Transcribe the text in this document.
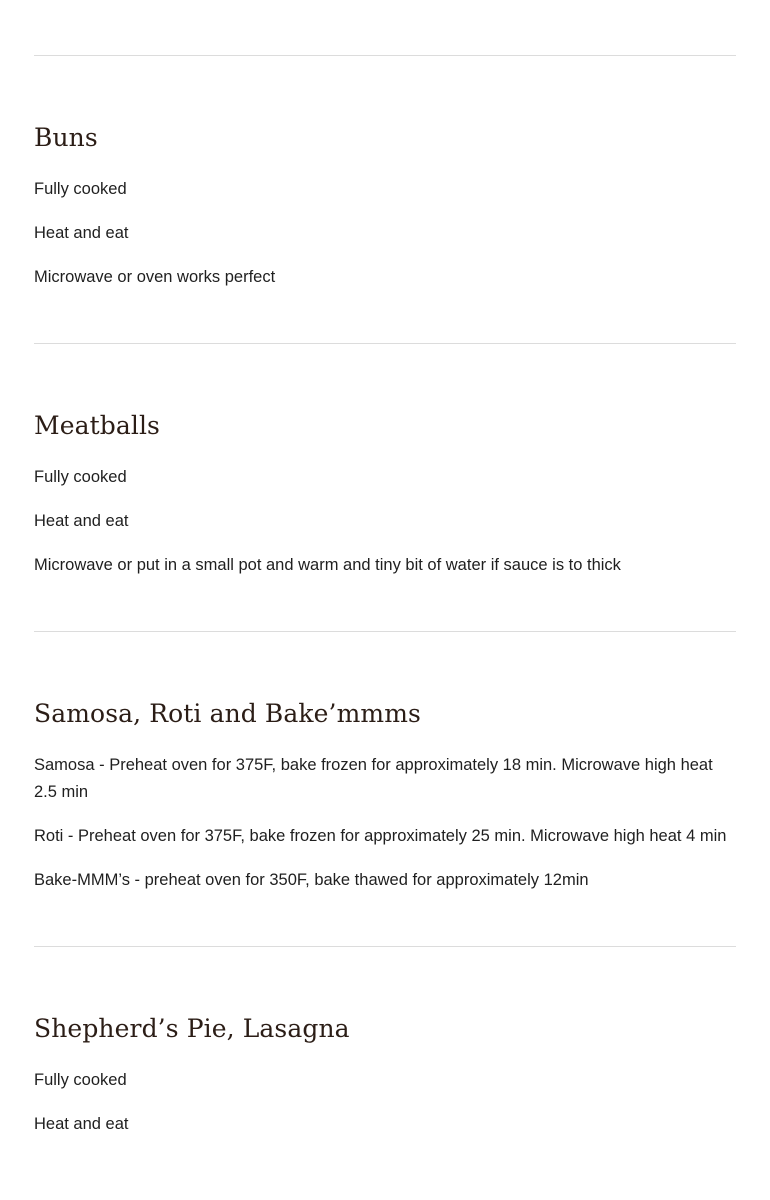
Buns

Fully cooked

Heat and eat

Microwave or oven works perfect

Meatballs

Fully cooked

Heat and eat

Microwave or put in a small pot and warm and tiny bit of water if sauce is to thick

Samosa, Roti and Bake’mmms

Samosa - Preheat oven for 375F, bake frozen for approximately 18 min. Microwave high heat 2.5 min

Roti - Preheat oven for 375F, bake frozen for approximately 25 min. Microwave high heat 4 min

Bake-MMM’s - preheat oven for 350F, bake thawed for approximately 12min

Shepherd’s Pie, Lasagna

Fully cooked

Heat and eat
